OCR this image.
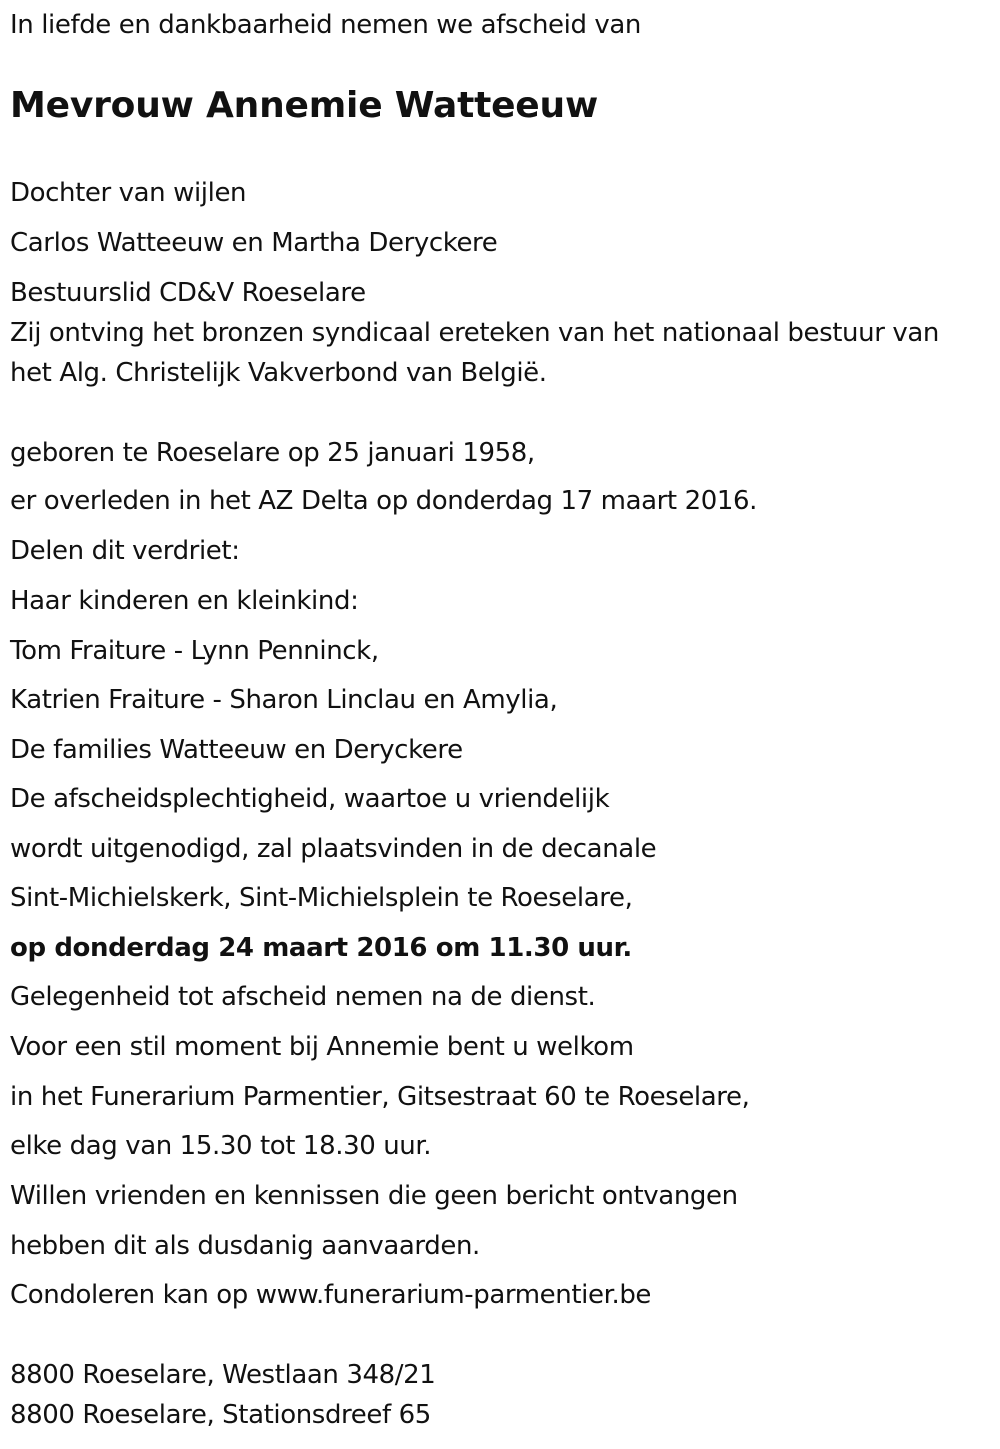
In liefde en dankbaarheid nemen we afscheid van
Mevrouw Annemie Watteeuw
Dochter van wijlen
Carlos Watteeuw en Martha Deryckere
Bestuurslid CD&V Roeselare
Zij ontving het bronzen syndicaal ereteken van het nationaal bestuur van
het Alg. Christelijk Vakverbond van België.
geboren te Roeselare op 25 januari 1958,
er overleden in het AZ Delta op donderdag 17 maart 2016.
Delen dit verdriet:
Haar kinderen en kleinkind:
Tom Fraiture - Lynn Penninck,
Katrien Fraiture - Sharon Linclau en Amylia,
De families Watteeuw en Deryckere
De afscheidsplechtigheid, waartoe u vriendelijk
wordt uitgenodigd, zal plaatsvinden in de decanale
Sint-Michielskerk, Sint-Michielsplein te Roeselare,
op donderdag 24 maart 2016 om 11.30 uur.
Gelegenheid tot afscheid nemen na de dienst.
Voor een stil moment bij Annemie bent u welkom
in het Funerarium Parmentier, Gitsestraat 60 te Roeselare,
elke dag van 15.30 tot 18.30 uur.
Willen vrienden en kennissen die geen bericht ontvangen
hebben dit als dusdanig aanvaarden.
Condoleren kan op www.funerarium-parmentier.be
8800 Roeselare, Westlaan 348/21
8800 Roeselare, Stationsdreef 65
